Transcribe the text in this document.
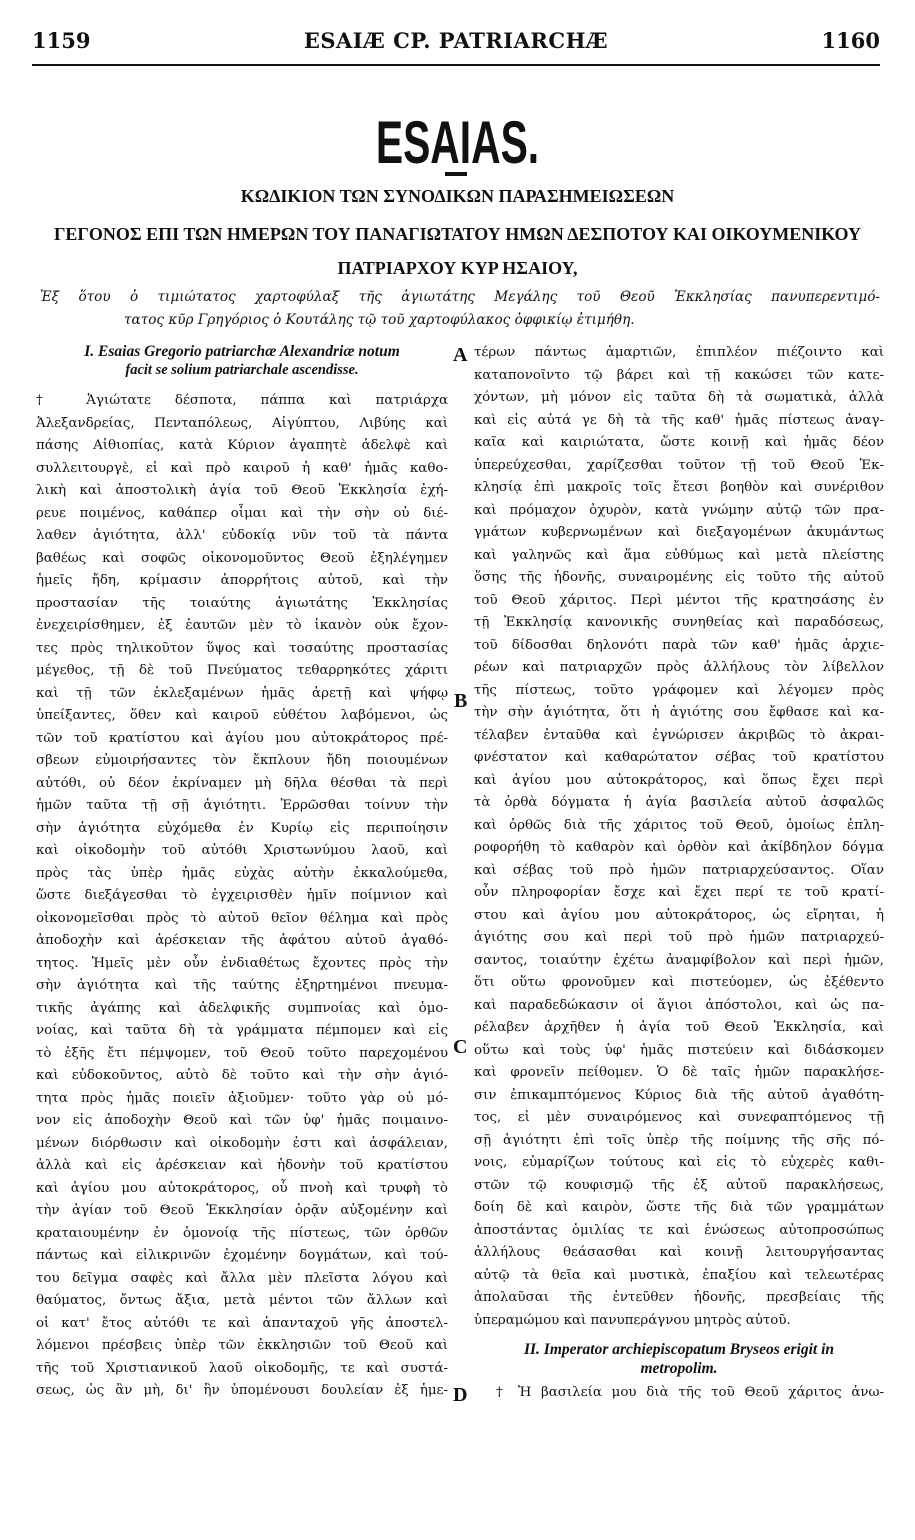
1159	ESAIÆ CP. PATRIARCHÆ	1160
ESAIAS.
ΚΩΔΙΚΙΟΝ ΤΩΝ ΣΥΝΟΔΙΚΩΝ ΠΑΡΑΣΗΜΕΙΩΣΕΩΝ
ΓΕΓΟΝΟΣ ΕΠΙ ΤΩΝ ΗΜΕΡΩΝ ΤΟΥ ΠΑΝΑΓΙΩΤΑΤΟΥ ΗΜΩΝ ΔΕΣΠΟΤΟΥ ΚΑΙ ΟΙΚΟΥΜΕΝΙΚΟΥ
ΠΑΤΡΙΑΡΧΟΥ ΚΥΡ ΗΣΑΙΟΥ,
Ἐξ ὅτου ὁ τιμιώτατος χαρτοφύλαξ τῆς ἁγιωτάτης Μεγάλης τοῦ Θεοῦ Ἐκκλησίας πανυπερεντιμό-
τατος κῦρ Γρηγόριος ὁ Κουτάλης τῷ τοῦ χαρτοφύλακος ὀφφικίῳ ἐτιμήθη.
A
B
C
D
I. Esaias Gregorio patriarchæ Alexandriæ notum
facit se solium patriarchale ascendisse.
† Ἁγιώτατε δέσποτα, πάππα καὶ πατριάρχα
Ἀλεξανδρείας, Πενταπόλεως, Αἰγύπτου, Λιβύης καὶ
πάσης Αἰθιοπίας, κατὰ Κύριον ἀγαπητὲ ἀδελφὲ καὶ
συλλειτουργὲ, εἰ καὶ πρὸ καιροῦ ἡ καθ' ἡμᾶς καθο-
λικὴ καὶ ἀποστολικὴ ἁγία τοῦ Θεοῦ Ἐκκλησία ἐχή-
ρευε ποιμένος, καθάπερ οἶμαι καὶ τὴν σὴν οὐ διέ-
λαθεν ἁγιότητα, ἀλλ' εὐδοκίᾳ νῦν τοῦ τὰ πάντα
βαθέως καὶ σοφῶς οἰκονομοῦντος Θεοῦ ἐξηλέγημεν
ἡμεῖς ἤδη, κρίμασιν ἀπορρήτοις αὐτοῦ, καὶ τὴν
προστασίαν τῆς τοιαύτης ἁγιωτάτης Ἐκκλησίας
ἐνεχειρίσθημεν, ἐξ ἑαυτῶν μὲν τὸ ἱκανὸν οὐκ ἔχον-
τες πρὸς τηλικοῦτον ὕψος καὶ τοσαύτης προστασίας
μέγεθος, τῇ δὲ τοῦ Πνεύματος τεθαρρηκότες χάριτι
καὶ τῇ τῶν ἐκλεξαμένων ἡμᾶς ἀρετῇ καὶ ψήφῳ
ὑπείξαντες, ὅθεν καὶ καιροῦ εὐθέτου λαβόμενοι, ὡς
τῶν τοῦ κρατίστου καὶ ἁγίου μου αὐτοκράτορος πρέ-
σβεων εὐμοιρήσαντες τὸν ἔκπλουν ἤδη ποιουμένων
αὐτόθι, οὐ δέον ἐκρίναμεν μὴ δῆλα θέσθαι τὰ περὶ
ἡμῶν ταῦτα τῇ σῇ ἁγιότητι. Ἐρρῶσθαι τοίνυν τὴν
σὴν ἁγιότητα εὐχόμεθα ἐν Κυρίῳ εἰς περιποίησιν
καὶ οἰκοδομὴν τοῦ αὐτόθι Χριστωνύμου λαοῦ, καὶ
πρὸς τὰς ὑπὲρ ἡμᾶς εὐχὰς αὐτὴν ἐκκαλούμεθα,
ὥστε διεξάγεσθαι τὸ ἐγχειρισθὲν ἡμῖν ποίμνιον καὶ
οἰκονομεῖσθαι πρὸς τὸ αὐτοῦ θεῖον θέλημα καὶ πρὸς
ἀποδοχὴν καὶ ἀρέσκειαν τῆς ἀφάτου αὐτοῦ ἀγαθό-
τητος. Ἡμεῖς μὲν οὖν ἐνδιαθέτως ἔχοντες πρὸς τὴν
σὴν ἁγιότητα καὶ τῆς ταύτης ἐξηρτημένοι πνευμα-
τικῆς ἀγάπης καὶ ἀδελφικῆς συμπνοίας καὶ ὁμο-
νοίας, καὶ ταῦτα δὴ τὰ γράμματα πέμπομεν καὶ εἰς
τὸ ἑξῆς ἔτι πέμψομεν, τοῦ Θεοῦ τοῦτο παρεχομένου
καὶ εὐδοκοῦντος, αὐτὸ δὲ τοῦτο καὶ τὴν σὴν ἁγιό-
τητα πρὸς ἡμᾶς ποιεῖν ἀξιοῦμεν· τοῦτο γὰρ οὐ μό-
νον εἰς ἀποδοχὴν Θεοῦ καὶ τῶν ὑφ' ἡμᾶς ποιμαινο-
μένων διόρθωσιν καὶ οἰκοδομὴν ἐστι καὶ ἀσφάλειαν,
ἀλλὰ καὶ εἰς ἀρέσκειαν καὶ ἡδονὴν τοῦ κρατίστου
καὶ ἁγίου μου αὐτοκράτορος, οὗ πνοὴ καὶ τρυφὴ τὸ
τὴν ἁγίαν τοῦ Θεοῦ Ἐκκλησίαν ὁρᾷν αὐξομένην καὶ
κραταιουμένην ἐν ὁμονοίᾳ τῆς πίστεως, τῶν ὀρθῶν
πάντως καὶ εἰλικρινῶν ἐχομένην δογμάτων, καὶ τού-
του δεῖγμα σαφὲς καὶ ἄλλα μὲν πλεῖστα λόγου καὶ
θαύματος, ὄντως ἄξια, μετὰ μέντοι τῶν ἄλλων καὶ
οἱ κατ' ἔτος αὐτόθι τε καὶ ἁπανταχοῦ γῆς ἀποστελ-
λόμενοι πρέσβεις ὑπὲρ τῶν ἐκκλησιῶν τοῦ Θεοῦ καὶ
τῆς τοῦ Χριστιανικοῦ λαοῦ οἰκοδομῆς, τε καὶ συστά-
σεως, ὡς ἂν μὴ, δι' ἣν ὑπομένουσι δουλείαν ἐξ ἡμε-
τέρων πάντως ἁμαρτιῶν, ἐπιπλέον πιέζοιντο καὶ
καταπονοῖντο τῷ βάρει καὶ τῇ κακώσει τῶν κατε-
χόντων, μὴ μόνον εἰς ταῦτα δὴ τὰ σωματικὰ, ἀλλὰ
καὶ εἰς αὐτά γε δὴ τὰ τῆς καθ' ἡμᾶς πίστεως ἀναγ-
καῖα καὶ καιριώτατα, ὥστε κοινῇ καὶ ἡμᾶς δέον
ὑπερεύχεσθαι, χαρίζεσθαι τοῦτον τῇ τοῦ Θεοῦ Ἐκ-
κλησίᾳ ἐπὶ μακροῖς τοῖς ἔτεσι βοηθὸν καὶ συνέριθον
καὶ πρόμαχον ὀχυρὸν, κατὰ γνώμην αὐτῷ τῶν πρα-
γμάτων κυβερνωμένων καὶ διεξαγομένων ἀκυμάντως
καὶ γαληνῶς καὶ ἅμα εὐθύμως καὶ μετὰ πλείστης
ὅσης τῆς ἡδονῆς, συναιρομένης εἰς τοῦτο τῆς αὐτοῦ
τοῦ Θεοῦ χάριτος. Περὶ μέντοι τῆς κρατησάσης ἐν
τῇ Ἐκκλησίᾳ κανονικῆς συνηθείας καὶ παραδόσεως,
τοῦ δίδοσθαι δηλονότι παρὰ τῶν καθ' ἡμᾶς ἀρχιε-
ρέων καὶ πατριαρχῶν πρὸς ἀλλήλους τὸν λίβελλον
τῆς πίστεως, τοῦτο γράφομεν καὶ λέγομεν πρὸς
τὴν σὴν ἁγιότητα, ὅτι ἡ ἁγιότης σου ἔφθασε καὶ κα-
τέλαβεν ἐνταῦθα καὶ ἐγνώρισεν ἀκριβῶς τὸ ἀκραι-
φνέστατον καὶ καθαρώτατον σέβας τοῦ κρατίστου
καὶ ἁγίου μου αὐτοκράτορος, καὶ ὅπως ἔχει περὶ
τὰ ὀρθὰ δόγματα ἡ ἁγία βασιλεία αὐτοῦ ἀσφαλῶς
καὶ ὀρθῶς διὰ τῆς χάριτος τοῦ Θεοῦ, ὁμοίως ἐπλη-
ροφορήθη τὸ καθαρὸν καὶ ὀρθὸν καὶ ἀκίβδηλον δόγμα
καὶ σέβας τοῦ πρὸ ἡμῶν πατριαρχεύσαντος. Οἵαν
οὖν πληροφορίαν ἔσχε καὶ ἔχει περί τε τοῦ κρατί-
στου καὶ ἁγίου μου αὐτοκράτορος, ὡς εἴρηται, ἡ
ἁγιότης σου καὶ περὶ τοῦ πρὸ ἡμῶν πατριαρχεύ-
σαντος, τοιαύτην ἐχέτω ἀναμφίβολον καὶ περὶ ἡμῶν,
ὅτι οὕτω φρονοῦμεν καὶ πιστεύομεν, ὡς ἐξέθεντο
καὶ παραδεδώκασιν οἱ ἅγιοι ἀπόστολοι, καὶ ὡς πα-
ρέλαβεν ἀρχῆθεν ἡ ἁγία τοῦ Θεοῦ Ἐκκλησία, καὶ
οὕτω καὶ τοὺς ὑφ' ἡμᾶς πιστεύειν καὶ διδάσκομεν
καὶ φρονεῖν πείθομεν. Ὁ δὲ ταῖς ἡμῶν παρακλήσε-
σιν ἐπικαμπτόμενος Κύριος διὰ τῆς αὐτοῦ ἀγαθότη-
τος, εἰ μὲν συναιρόμενος καὶ συνεφαπτόμενος τῇ
σῇ ἁγιότητι ἐπὶ τοῖς ὑπὲρ τῆς ποίμνης τῆς σῆς πό-
νοις, εὐμαρίζων τούτους καὶ εἰς τὸ εὐχερὲς καθι-
στῶν τῷ κουφισμῷ τῆς ἐξ αὐτοῦ παρακλήσεως,
δοίη δὲ καὶ καιρὸν, ὥστε τῆς διὰ τῶν γραμμάτων
ἀποστάντας ὁμιλίας τε καὶ ἑνώσεως αὐτοπροσώπως
ἀλλήλους θεάσασθαι καὶ κοινῇ λειτουργήσαντας
αὐτῷ τὰ θεῖα καὶ μυστικὰ, ἐπαξίου καὶ τελεωτέρας
ἀπολαῦσαι τῆς ἐντεῦθεν ἡδονῆς, πρεσβείαις τῆς
ὑπεραμώμου καὶ πανυπεράγνου μητρὸς αὐτοῦ.
II. Imperator archiepiscopatum Bryseos erigit in
metropolim.
† Ἡ βασιλεία μου διὰ τῆς τοῦ Θεοῦ χάριτος ἀνω-
